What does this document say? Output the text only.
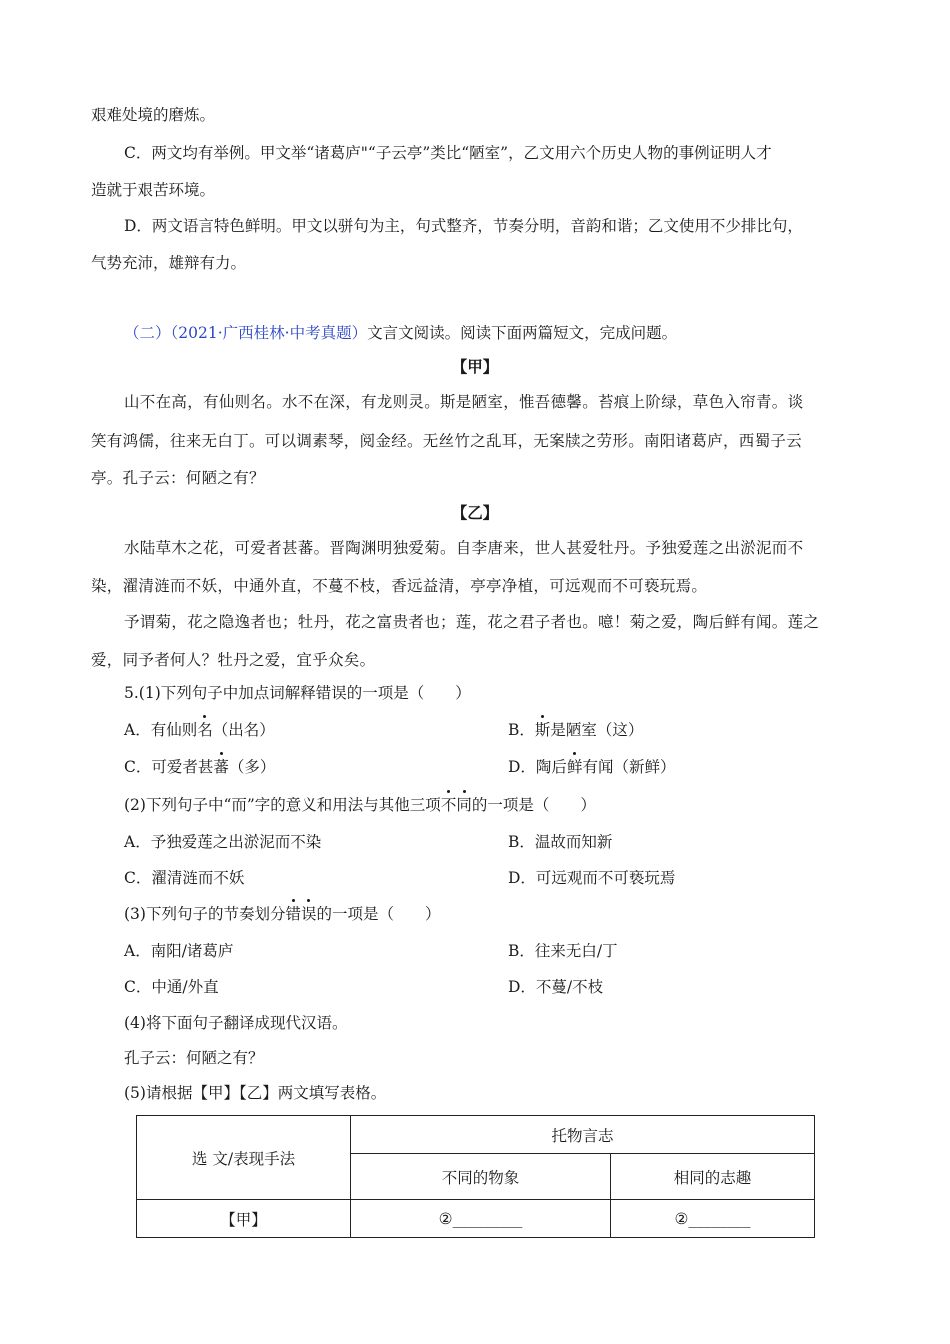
艰难处境的磨炼。
C．两文均有举例。甲文举“诸葛庐"“子云亭”类比“陋室”，乙文用六个历史人物的事例证明人才
造就于艰苦环境。
D．两文语言特色鲜明。甲文以骈句为主，句式整齐，节奏分明，音韵和谐；乙文使用不少排比句，
气势充沛，雄辩有力。
（二）（2021·广西桂林·中考真题）文言文阅读。阅读下面两篇短文，完成问题。
【甲】
山不在高，有仙则名。水不在深，有龙则灵。斯是陋室，惟吾德馨。苔痕上阶绿，草色入帘青。谈
笑有鸿儒，往来无白丁。可以调素琴，阅金经。无丝竹之乱耳，无案牍之劳形。南阳诸葛庐，西蜀子云
亭。孔子云：何陋之有？
【乙】
水陆草木之花，可爱者甚蕃。晋陶渊明独爱菊。自李唐来，世人甚爱牡丹。予独爱莲之出淤泥而不
染，濯清涟而不妖，中通外直，不蔓不枝，香远益清，亭亭净植，可远观而不可亵玩焉。
予谓菊，花之隐逸者也；牡丹，花之富贵者也；莲，花之君子者也。噫！菊之爱，陶后鲜有闻。莲之
爱，同予者何人？牡丹之爱，宜乎众矣。
5.(1)下列句子中加点词解释错误的一项是（　　）
A．有仙则名（出名）	B．斯是陋室（这）
C．可爱者甚蕃（多）	D．陶后鲜有闻（新鲜）
(2)下列句子中“而”字的意义和用法与其他三项不同的一项是（　　）
A．予独爱莲之出淤泥而不染	B．温故而知新
C．濯清涟而不妖	D．可远观而不可亵玩焉
(3)下列句子的节奏划分错误的一项是（　　）
A．南阳/诸葛庐	B．往来无白/丁
C．中通/外直	D．不蔓/不枝
(4)将下面句子翻译成现代汉语。
孔子云：何陋之有？
(5)请根据【甲】【乙】两文填写表格。
选 文/表现手法	托物言志	
	不同的物象	相同的志趣
【甲】	②_________	②________
